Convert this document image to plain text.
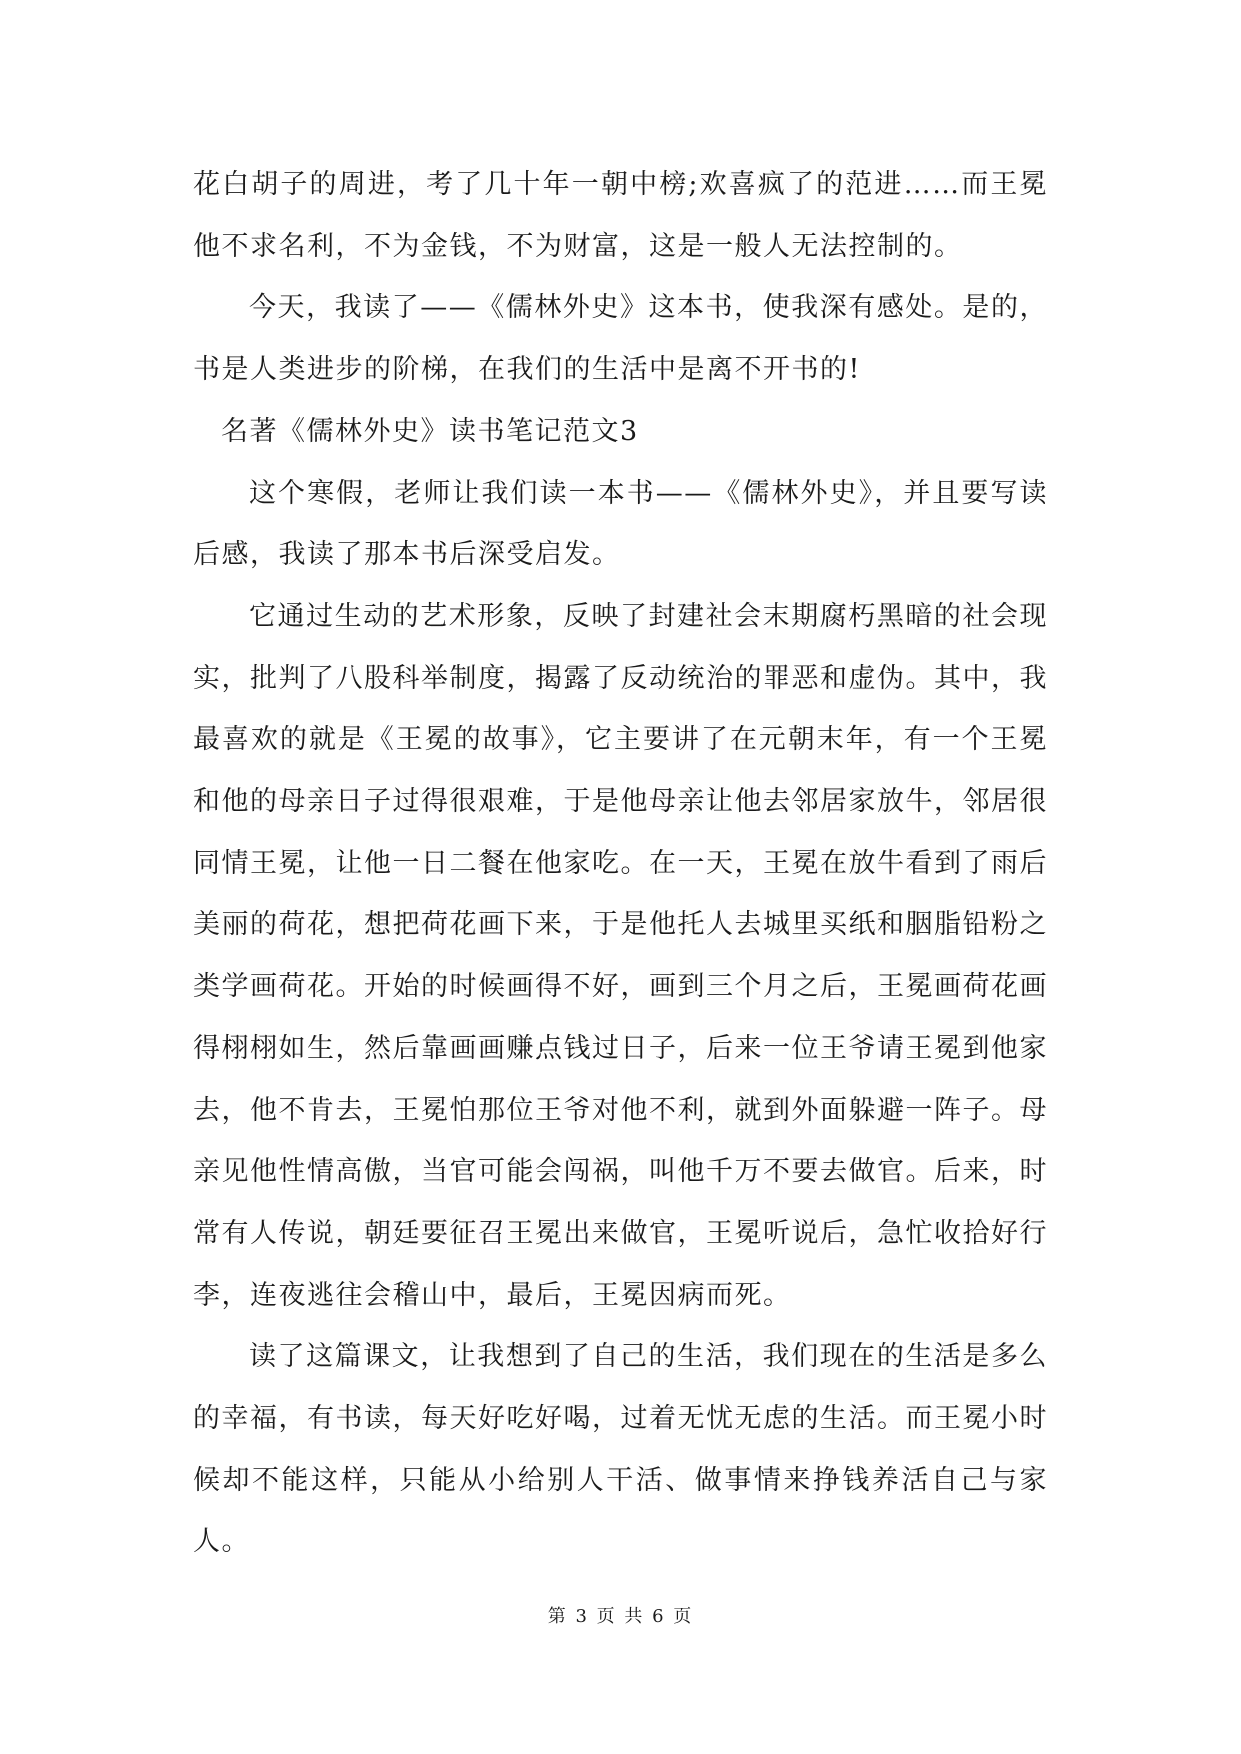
花白胡子的周进，考了几十年一朝中榜;欢喜疯了的范进……而王冕他不求名利，不为金钱，不为财富，这是一般人无法控制的。

今天，我读了——《儒林外史》这本书，使我深有感处。是的，书是人类进步的阶梯，在我们的生活中是离不开书的!

名著《儒林外史》读书笔记范文3

这个寒假，老师让我们读一本书——《儒林外史》，并且要写读后感，我读了那本书后深受启发。

它通过生动的艺术形象，反映了封建社会末期腐朽黑暗的社会现实，批判了八股科举制度，揭露了反动统治的罪恶和虚伪。其中，我最喜欢的就是《王冕的故事》，它主要讲了在元朝末年，有一个王冕和他的母亲日子过得很艰难，于是他母亲让他去邻居家放牛，邻居很同情王冕，让他一日二餐在他家吃。在一天，王冕在放牛看到了雨后美丽的荷花，想把荷花画下来，于是他托人去城里买纸和胭脂铅粉之类学画荷花。开始的时候画得不好，画到三个月之后，王冕画荷花画得栩栩如生，然后靠画画赚点钱过日子，后来一位王爷请王冕到他家去，他不肯去，王冕怕那位王爷对他不利，就到外面躲避一阵子。母亲见他性情高傲，当官可能会闯祸，叫他千万不要去做官。后来，时常有人传说，朝廷要征召王冕出来做官，王冕听说后，急忙收拾好行李，连夜逃往会稽山中，最后，王冕因病而死。

读了这篇课文，让我想到了自己的生活，我们现在的生活是多么的幸福，有书读，每天好吃好喝，过着无忧无虑的生活。而王冕小时候却不能这样，只能从小给别人干活、做事情来挣钱养活自己与家人。

第 3 页 共 6 页
